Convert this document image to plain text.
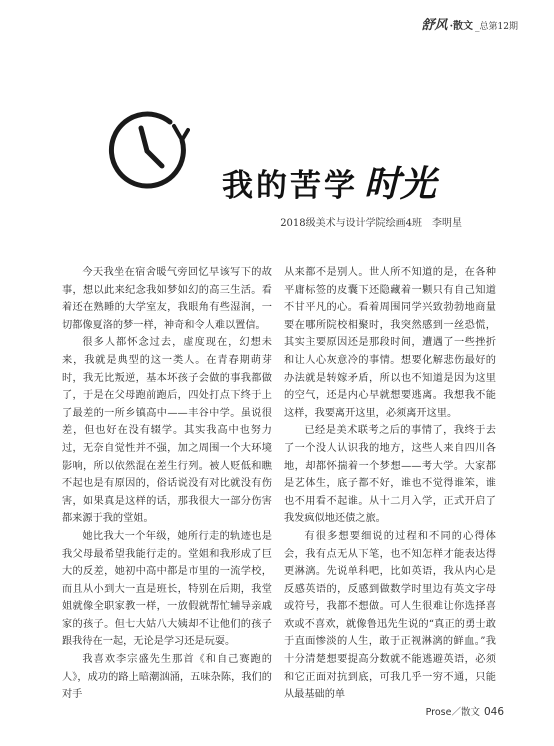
舒风 ·散文 _总第12期
我的苦学 时光
2018级美术与设计学院绘画4班　李明星

今天我坐在宿舍暖气旁回忆早该写下的故事，想以此来纪念我如梦如幻的高三生活。看着还在熟睡的大学室友，我眼角有些湿润，一切都像夏洛的梦一样，神奇和令人难以置信。

很多人都怀念过去，虚度现在，幻想未来，我就是典型的这一类人。在青春期萌芽时，我无比叛逆，基本坏孩子会做的事我都做了，于是在父母跑前跑后，四处打点下终于上了最差的一所乡镇高中——丰谷中学。虽说很差，但也好在没有辍学。其实我高中也努力过，无奈自觉性并不强，加之周围一个大环境影响，所以依然混在差生行列。被人贬低和瞧不起也是有原因的，俗话说没有对比就没有伤害，如果真是这样的话，那我很大一部分伤害都来源于我的堂姐。

她比我大一个年级，她所行走的轨迹也是我父母最希望我能行走的。堂姐和我形成了巨大的反差，她初中高中都是市里的一流学校，而且从小到大一直是班长，特别在后期，我堂姐就像全职家教一样，一放假就帮忙辅导亲戚家的孩子。但七大姑八大姨却不让他们的孩子跟我待在一起，无论是学习还是玩耍。

我喜欢李宗盛先生那首《和自己赛跑的人》，成功的路上暗潮汹涌，五味杂陈，我们的对手

从来都不是别人。世人所不知道的是，在各种平庸标签的皮囊下还隐藏着一颗只有自己知道不甘平凡的心。看着周围同学兴致勃勃地商量要在哪所院校相聚时，我突然感到一丝恐慌，其实主要原因还是那段时间，遭遇了一些挫折和让人心灰意冷的事情。想要化解悲伤最好的办法就是转嫁矛盾，所以也不知道是因为这里的空气，还是内心早就想要逃离。我想我不能这样，我要离开这里，必须离开这里。

已经是美术联考之后的事情了，我终于去了一个没人认识我的地方，这些人来自四川各地，却都怀揣着一个梦想——考大学。大家都是艺体生，底子都不好，谁也不觉得谁笨，谁也不用看不起谁。从十二月入学，正式开启了我发疯似地还债之旅。

有很多想要细说的过程和不同的心得体会，我有点无从下笔，也不知怎样才能表达得更淋漓。先说单科吧，比如英语，我从内心是反感英语的，反感到做数学时里边有英文字母或符号，我都不想做。可人生很难让你选择喜欢或不喜欢，就像鲁迅先生说的“真正的勇士敢于直面惨淡的人生，敢于正视淋漓的鲜血。”我十分清楚想要提高分数就不能逃避英语，必须和它正面对抗到底，可我几乎一穷不通，只能从最基础的单

Prose／散文 046
